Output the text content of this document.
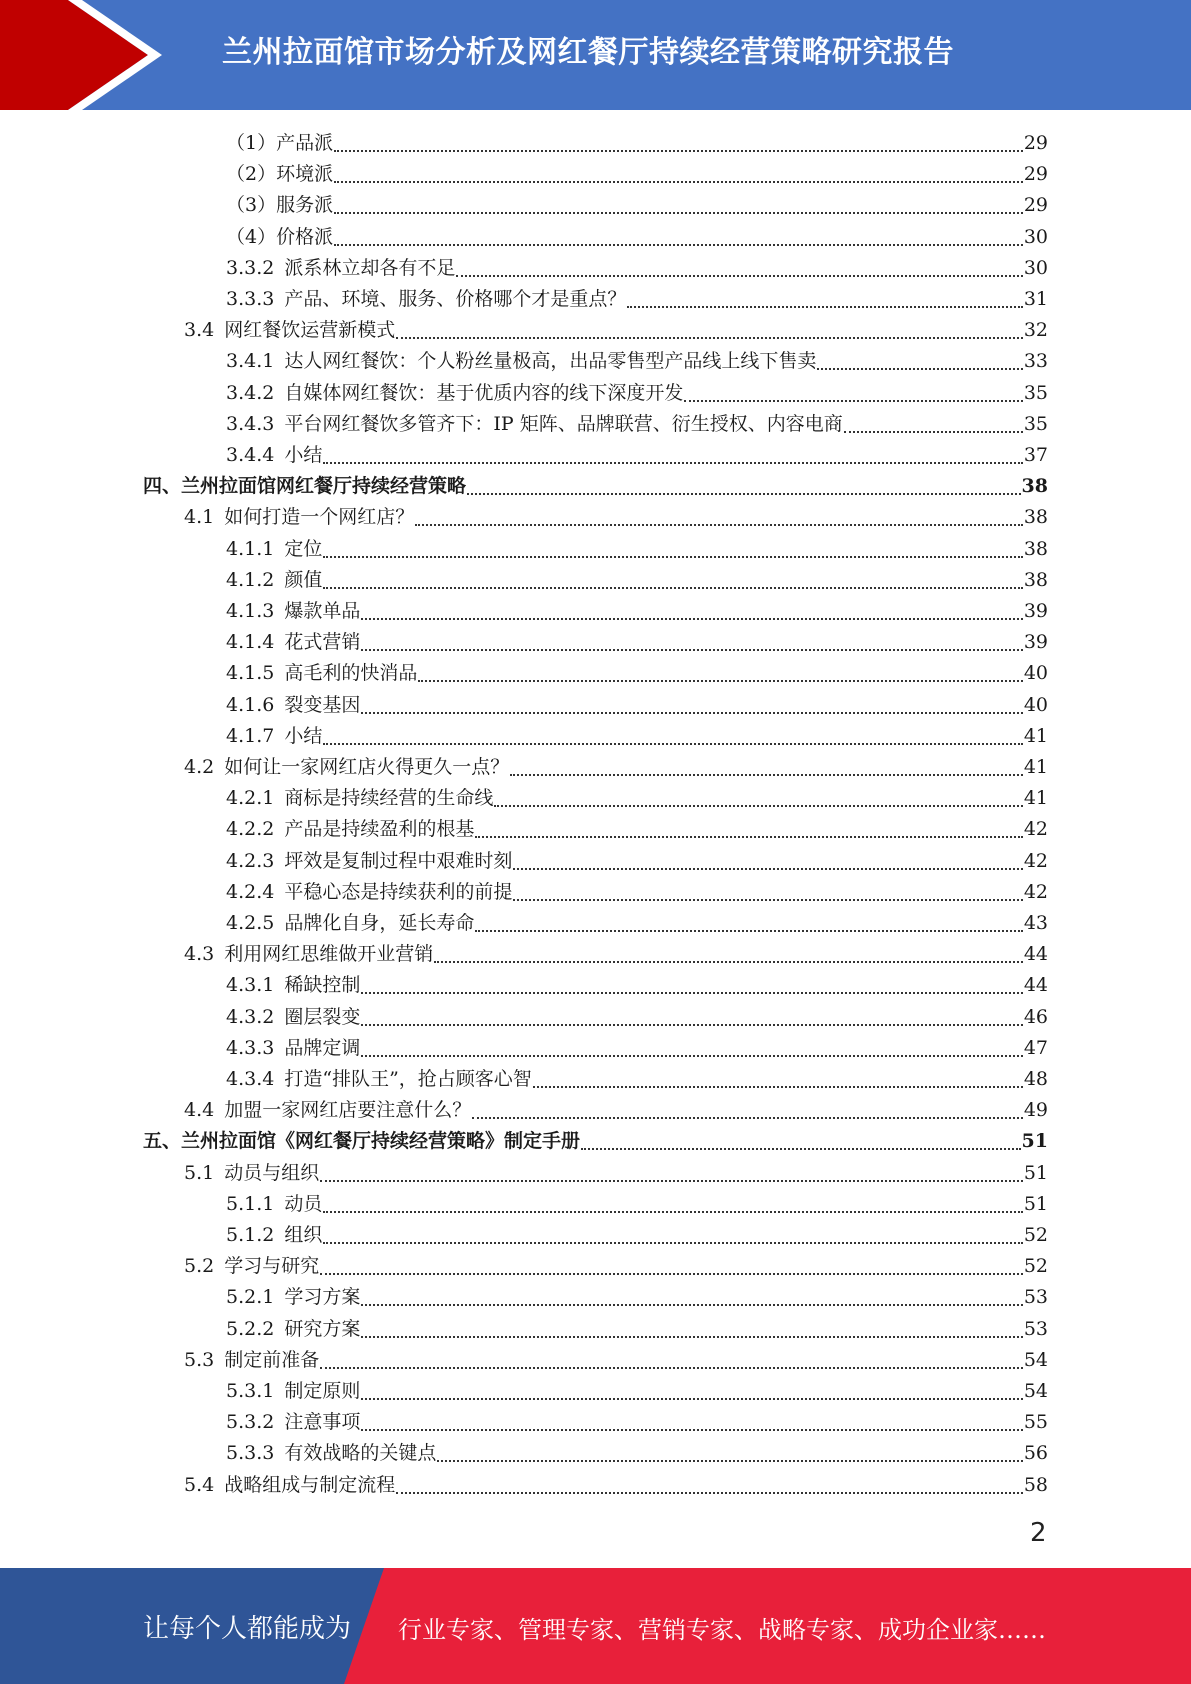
兰州拉面馆市场分析及网红餐厅持续经营策略研究报告
（1）产品派	29
（2）环境派	29
（3）服务派	29
（4）价格派	30
3.3.2 派系林立却各有不足	30
3.3.3 产品、环境、服务、价格哪个才是重点？	31
3.4 网红餐饮运营新模式	32
3.4.1 达人网红餐饮：个人粉丝量极高，出品零售型产品线上线下售卖	33
3.4.2 自媒体网红餐饮：基于优质内容的线下深度开发	35
3.4.3 平台网红餐饮多管齐下：IP 矩阵、品牌联营、衍生授权、内容电商	35
3.4.4 小结	37
四、兰州拉面馆网红餐厅持续经营策略	38
4.1 如何打造一个网红店？	38
4.1.1 定位	38
4.1.2 颜值	38
4.1.3 爆款单品	39
4.1.4 花式营销	39
4.1.5 高毛利的快消品	40
4.1.6 裂变基因	40
4.1.7 小结	41
4.2 如何让一家网红店火得更久一点？	41
4.2.1 商标是持续经营的生命线	41
4.2.2 产品是持续盈利的根基	42
4.2.3 坪效是复制过程中艰难时刻	42
4.2.4 平稳心态是持续获利的前提	42
4.2.5 品牌化自身，延长寿命	43
4.3 利用网红思维做开业营销	44
4.3.1 稀缺控制	44
4.3.2 圈层裂变	46
4.3.3 品牌定调	47
4.3.4 打造“排队王”，抢占顾客心智	48
4.4 加盟一家网红店要注意什么？	49
五、兰州拉面馆《网红餐厅持续经营策略》制定手册	51
5.1 动员与组织	51
5.1.1 动员	51
5.1.2 组织	52
5.2 学习与研究	52
5.2.1 学习方案	53
5.2.2 研究方案	53
5.3 制定前准备	54
5.3.1 制定原则	54
5.3.2 注意事项	55
5.3.3 有效战略的关键点	56
5.4 战略组成与制定流程	58
2
让每个人都能成为 行业专家、管理专家、营销专家、战略专家、成功企业家……
